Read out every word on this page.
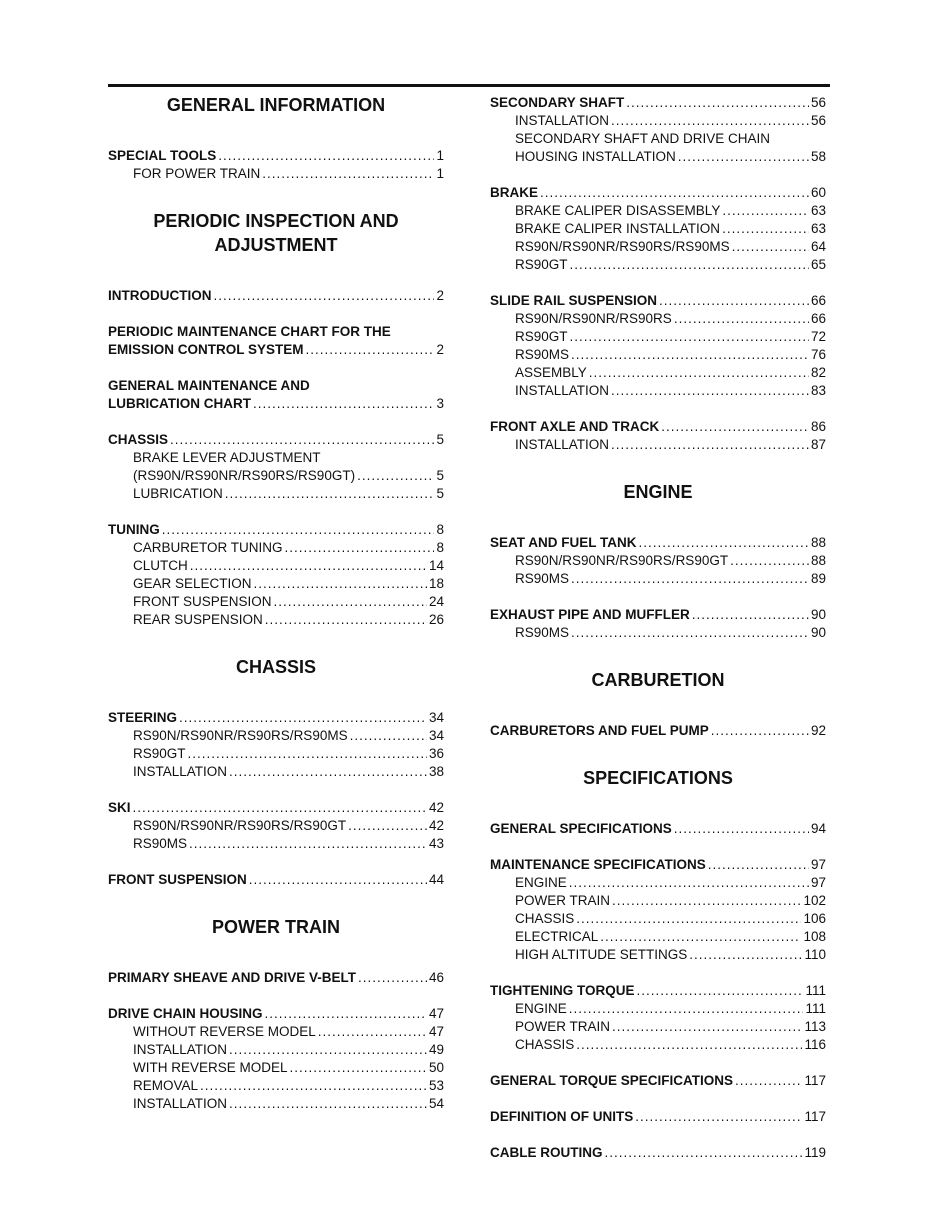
GENERAL INFORMATION
SPECIAL TOOLS .....	1
FOR POWER TRAIN .....	1
PERIODIC INSPECTION AND
ADJUSTMENT
INTRODUCTION .....	2
PERIODIC MAINTENANCE CHART FOR THE
EMISSION CONTROL SYSTEM .....	2
GENERAL MAINTENANCE AND
LUBRICATION CHART .....	3
CHASSIS .....	5
BRAKE LEVER ADJUSTMENT
(RS90N/RS90NR/RS90RS/RS90GT) .....	5
LUBRICATION .....	5
TUNING .....	8
CARBURETOR TUNING .....	8
CLUTCH .....	14
GEAR SELECTION .....	18
FRONT SUSPENSION .....	24
REAR SUSPENSION .....	26
CHASSIS
STEERING .....	34
RS90N/RS90NR/RS90RS/RS90MS .....	34
RS90GT .....	36
INSTALLATION .....	38
SKI .....	42
RS90N/RS90NR/RS90RS/RS90GT .....	42
RS90MS .....	43
FRONT SUSPENSION .....	44
POWER TRAIN
PRIMARY SHEAVE AND DRIVE V-BELT .....	46
DRIVE CHAIN HOUSING .....	47
WITHOUT REVERSE MODEL .....	47
INSTALLATION .....	49
WITH REVERSE MODEL .....	50
REMOVAL .....	53
INSTALLATION .....	54
SECONDARY SHAFT .....	56
INSTALLATION .....	56
SECONDARY SHAFT AND DRIVE CHAIN
HOUSING INSTALLATION .....	58
BRAKE .....	60
BRAKE CALIPER DISASSEMBLY .....	63
BRAKE CALIPER INSTALLATION .....	63
RS90N/RS90NR/RS90RS/RS90MS .....	64
RS90GT .....	65
SLIDE RAIL SUSPENSION .....	66
RS90N/RS90NR/RS90RS .....	66
RS90GT .....	72
RS90MS .....	76
ASSEMBLY .....	82
INSTALLATION .....	83
FRONT AXLE AND TRACK .....	86
INSTALLATION .....	87
ENGINE
SEAT AND FUEL TANK .....	88
RS90N/RS90NR/RS90RS/RS90GT .....	88
RS90MS .....	89
EXHAUST PIPE AND MUFFLER .....	90
RS90MS .....	90
CARBURETION
CARBURETORS AND FUEL PUMP .....	92
SPECIFICATIONS
GENERAL SPECIFICATIONS .....	94
MAINTENANCE SPECIFICATIONS .....	97
ENGINE .....	97
POWER TRAIN .....	102
CHASSIS .....	106
ELECTRICAL .....	108
HIGH ALTITUDE SETTINGS .....	110
TIGHTENING TORQUE .....	111
ENGINE .....	111
POWER TRAIN .....	113
CHASSIS .....	116
GENERAL TORQUE SPECIFICATIONS .....	117
DEFINITION OF UNITS .....	117
CABLE ROUTING .....	119
